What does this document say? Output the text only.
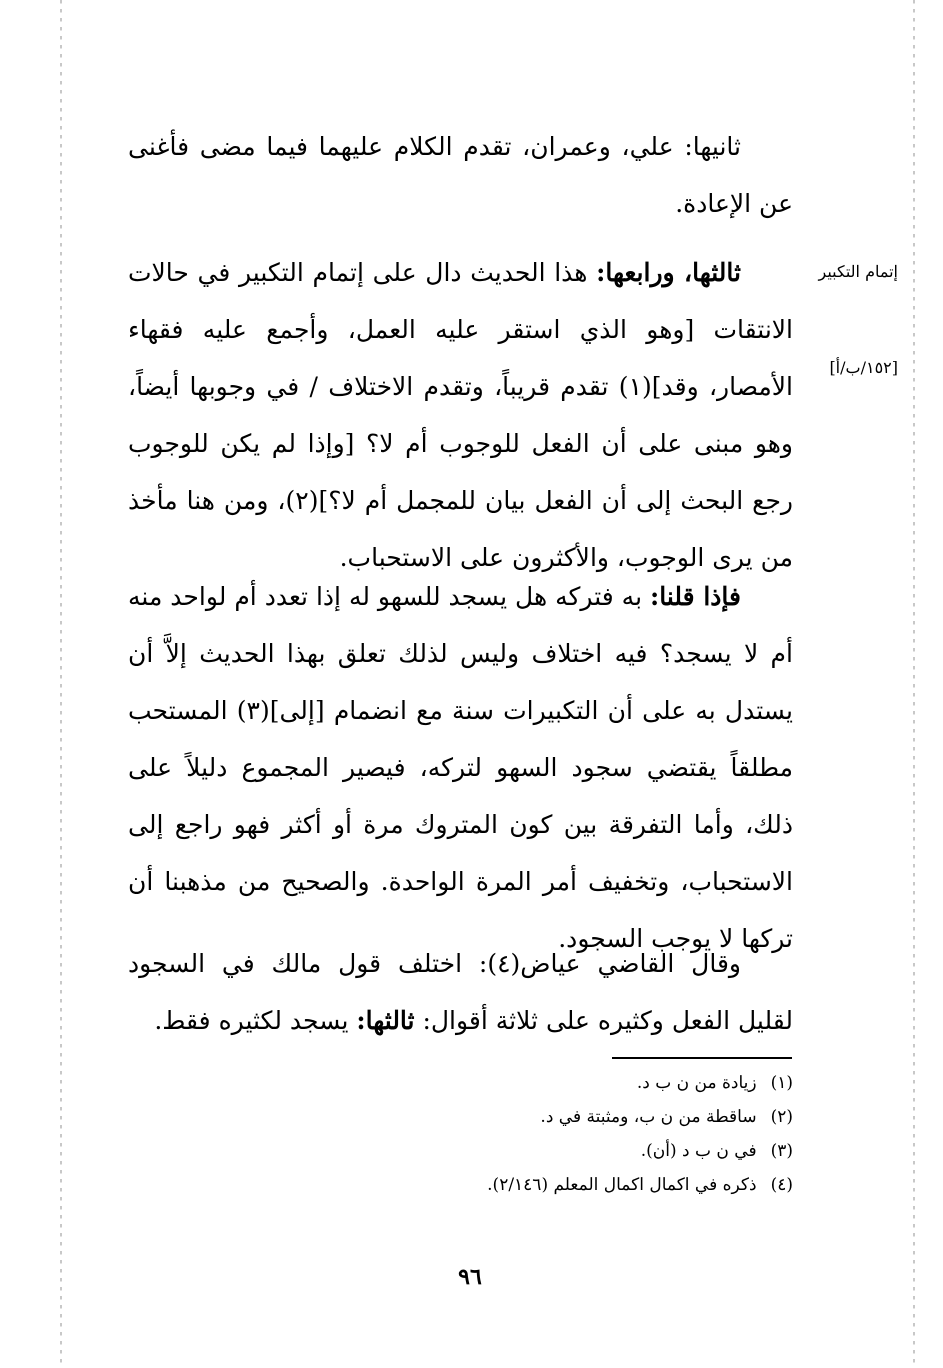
ثانيها: علي، وعمران، تقدم الكلام عليهما فيما مضى فأغنى عن الإعادة.

ثالثها، ورابعها: هذا الحديث دال على إتمام التكبير في حالات الانتقات [وهو الذي استقر عليه العمل، وأجمع عليه فقهاء الأمصار، وقد](١) تقدم قريباً، وتقدم الاختلاف / في وجوبها أيضاً، وهو مبنى على أن الفعل للوجوب أم لا؟ [وإذا لم يكن للوجوب رجع البحث إلى أن الفعل بيان للمجمل أم لا؟](٢)، ومن هنا مأخذ من يرى الوجوب، والأكثرون على الاستحباب.

إتمام التكبير
[١٥٢/ب/أ]

فإذا قلنا: به فتركه هل يسجد للسهو له إذا تعدد أم لواحد منه أم لا يسجد؟ فيه اختلاف وليس لذلك تعلق بهذا الحديث إلاَّ أن يستدل به على أن التكبيرات سنة مع انضمام [إلى](٣) المستحب مطلقاً يقتضي سجود السهو لتركه، فيصير المجموع دليلاً على ذلك، وأما التفرقة بين كون المتروك مرة أو أكثر فهو راجع إلى الاستحباب، وتخفيف أمر المرة الواحدة. والصحيح من مذهبنا أن تركها لا يوجب السجود.

وقال القاضي عياض(٤): اختلف قول مالك في السجود لقليل الفعل وكثيره على ثلاثة أقوال: ثالثها: يسجد لكثيره فقط.

(١)زيادة من ن ب د.

(٢)ساقطة من ن ب، ومثبتة في د.

(٣)في ن ب د (أن).

(٤)ذكره في اكمال اكمال المعلم (٢/١٤٦).

٩٦
